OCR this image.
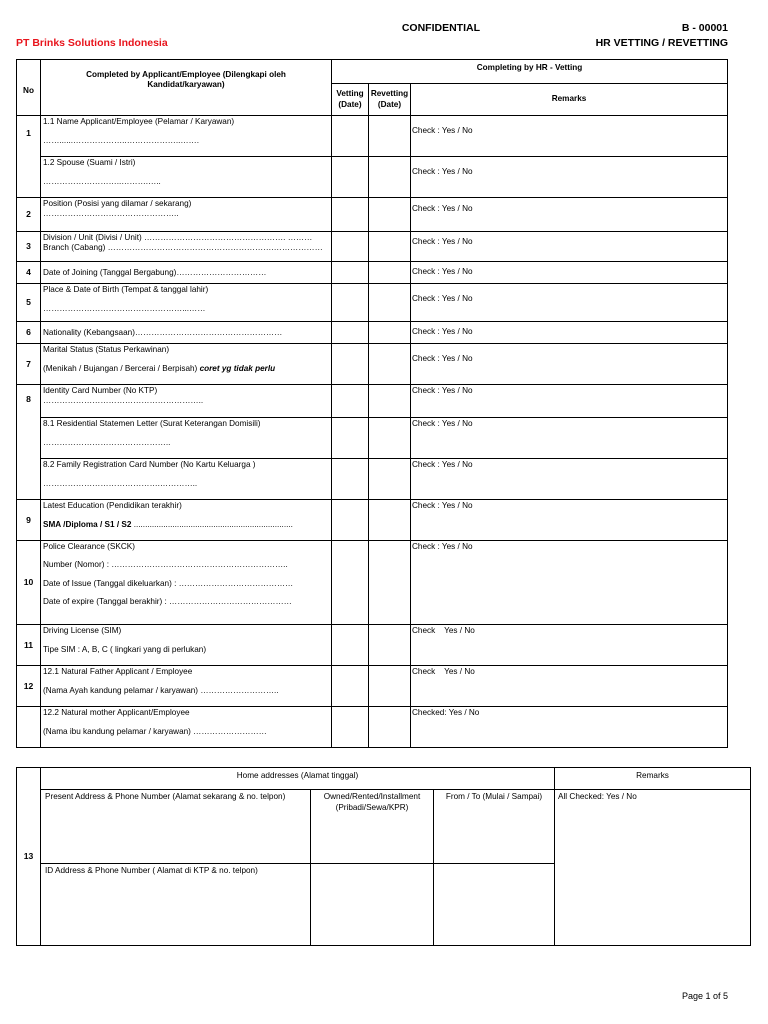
CONFIDENTIAL	B - 00001
PT Brinks Solutions Indonesia	HR VETTING / REVETTING
No	Completed by Applicant/Employee (Dilengkapi oleh Kandidat/karyawan)	Completing by HR - Vetting		
		Vetting (Date)	Revetting (Date)	Remarks
1	1.1 Name Applicant/Employee (Pelamar / Karyawan)
……......………………..………………..…….			Check : Yes / No
	1.2 Spouse (Suami / Istri)
………………………..……….…..			Check : Yes / No
2	Position (Posisi yang dilamar / sekarang)
…………………………………………..			Check : Yes / No
3	Division / Unit (Divisi / Unit) ……………………………………………. ………
Branch (Cabang) …………………………………………………….………………			Check : Yes / No
4	Date of Joining (Tanggal Bergabung)……………………………			Check : Yes / No
5	Place & Date of Birth (Tempat & tanggal lahir)
……………………………………………...……			Check : Yes / No
6	Nationality (Kebangsaan)………………………………………………			Check : Yes / No
7	Marital Status (Status Perkawinan)
(Menikah / Bujangan / Bercerai / Berpisah) coret yg tidak perlu			Check : Yes / No
8	Identity Card Number (No KTP)
…………………………………………………..			Check : Yes / No
	8.1 Residential Statemen Letter (Surat Keterangan Domisili)
………………………………………..			Check : Yes / No
	8.2 Family Registration Card Number (No Kartu Keluarga )
…………………………………….…………..			Check : Yes / No
9	Latest Education (Pendidikan terakhir)
SMA /Diploma / S1 / S2 ......................................................................			Check : Yes / No
10	Police Clearance (SKCK)
Number (Nomor) : ………………………………………………………..
Date of Issue (Tanggal dikeluarkan) : ……………………………………
Date of expire (Tanggal berakhir) : ………………………………………			Check : Yes / No
11	Driving License (SIM)
Tipe SIM : A, B, C ( lingkari yang di perlukan)			Check    Yes / No
12	12.1 Natural Father Applicant / Employee
(Nama Ayah kandung pelamar / karyawan) ………………………..			Check    Yes / No
	12.2 Natural mother Applicant/Employee
(Nama ibu kandung pelamar / karyawan) ………………………			Checked: Yes / No
13	Home addresses (Alamat tinggal)			Remarks
	Present Address & Phone Number (Alamat sekarang & no. telpon)	Owned/Rented/Installment (Pribadi/Sewa/KPR)	From / To (Mulai / Sampai)	All Checked: Yes / No
	ID Address & Phone Number ( Alamat di KTP & no. telpon)			
Page 1 of 5
